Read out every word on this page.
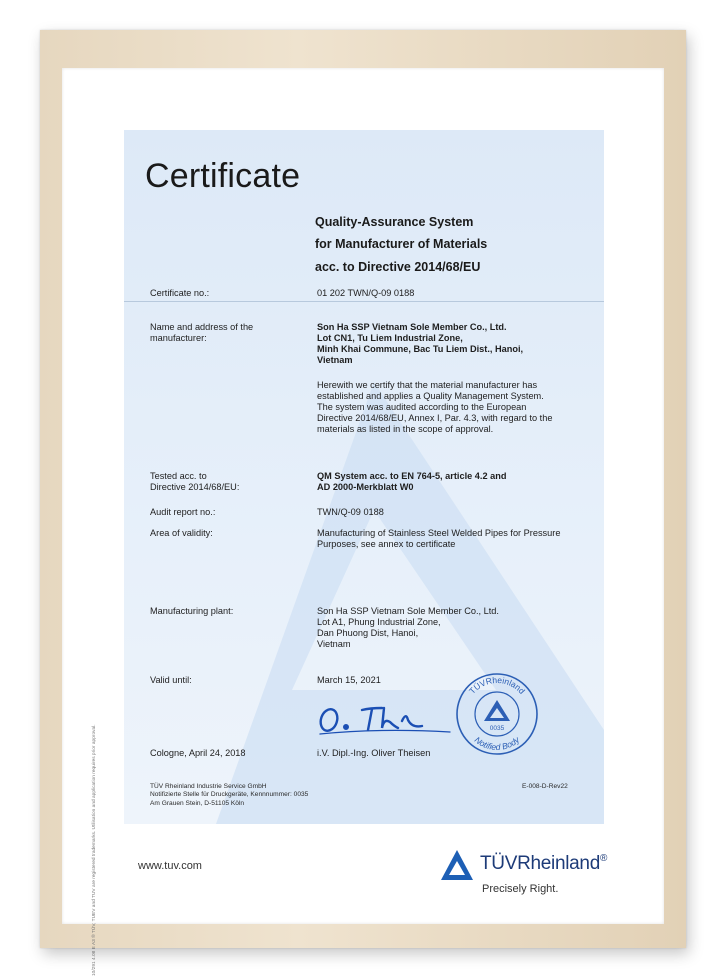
10/291 4.08 E A3 ® TÜV, TUEV and TUV are registered trademarks. Utilisation and application requires prior approval.
Certificate
Quality-Assurance System
for Manufacturer of Materials
acc. to Directive 2014/68/EU
Certificate no.:	01 202 TWN/Q-09 0188
Name and address of the
manufacturer:
Son Ha SSP Vietnam Sole Member Co., Ltd.
Lot CN1, Tu Liem Industrial Zone,
Minh Khai Commune, Bac Tu Liem Dist., Hanoi,
Vietnam
Herewith we certify that the material manufacturer has
established and applies a Quality Management System.
The system was audited according to the European
Directive 2014/68/EU, Annex I, Par. 4.3, with regard to the
materials as listed in the scope of approval.
Tested acc. to
Directive 2014/68/EU:
QM System acc. to EN 764-5, article 4.2 and
AD 2000-Merkblatt W0
Audit report no.:	TWN/Q-09 0188
Area of validity:	Manufacturing of Stainless Steel Welded Pipes for Pressure
Purposes, see annex to certificate
Manufacturing plant:	Son Ha SSP Vietnam Sole Member Co., Ltd.
Lot A1, Phung Industrial Zone,
Dan Phuong Dist, Hanoi,
Vietnam
Valid until:	March 15, 2021
TÜVRheinland
Notified Body
0035
Cologne, April 24, 2018	i.V. Dipl.-Ing. Oliver Theisen
TÜV Rheinland Industrie Service GmbH
Notifizierte Stelle für Druckgeräte, Kennnummer: 0035
Am Grauen Stein, D-51105 Köln
E-008-D-Rev22
www.tuv.com	TÜVRheinland®
Precisely Right.
